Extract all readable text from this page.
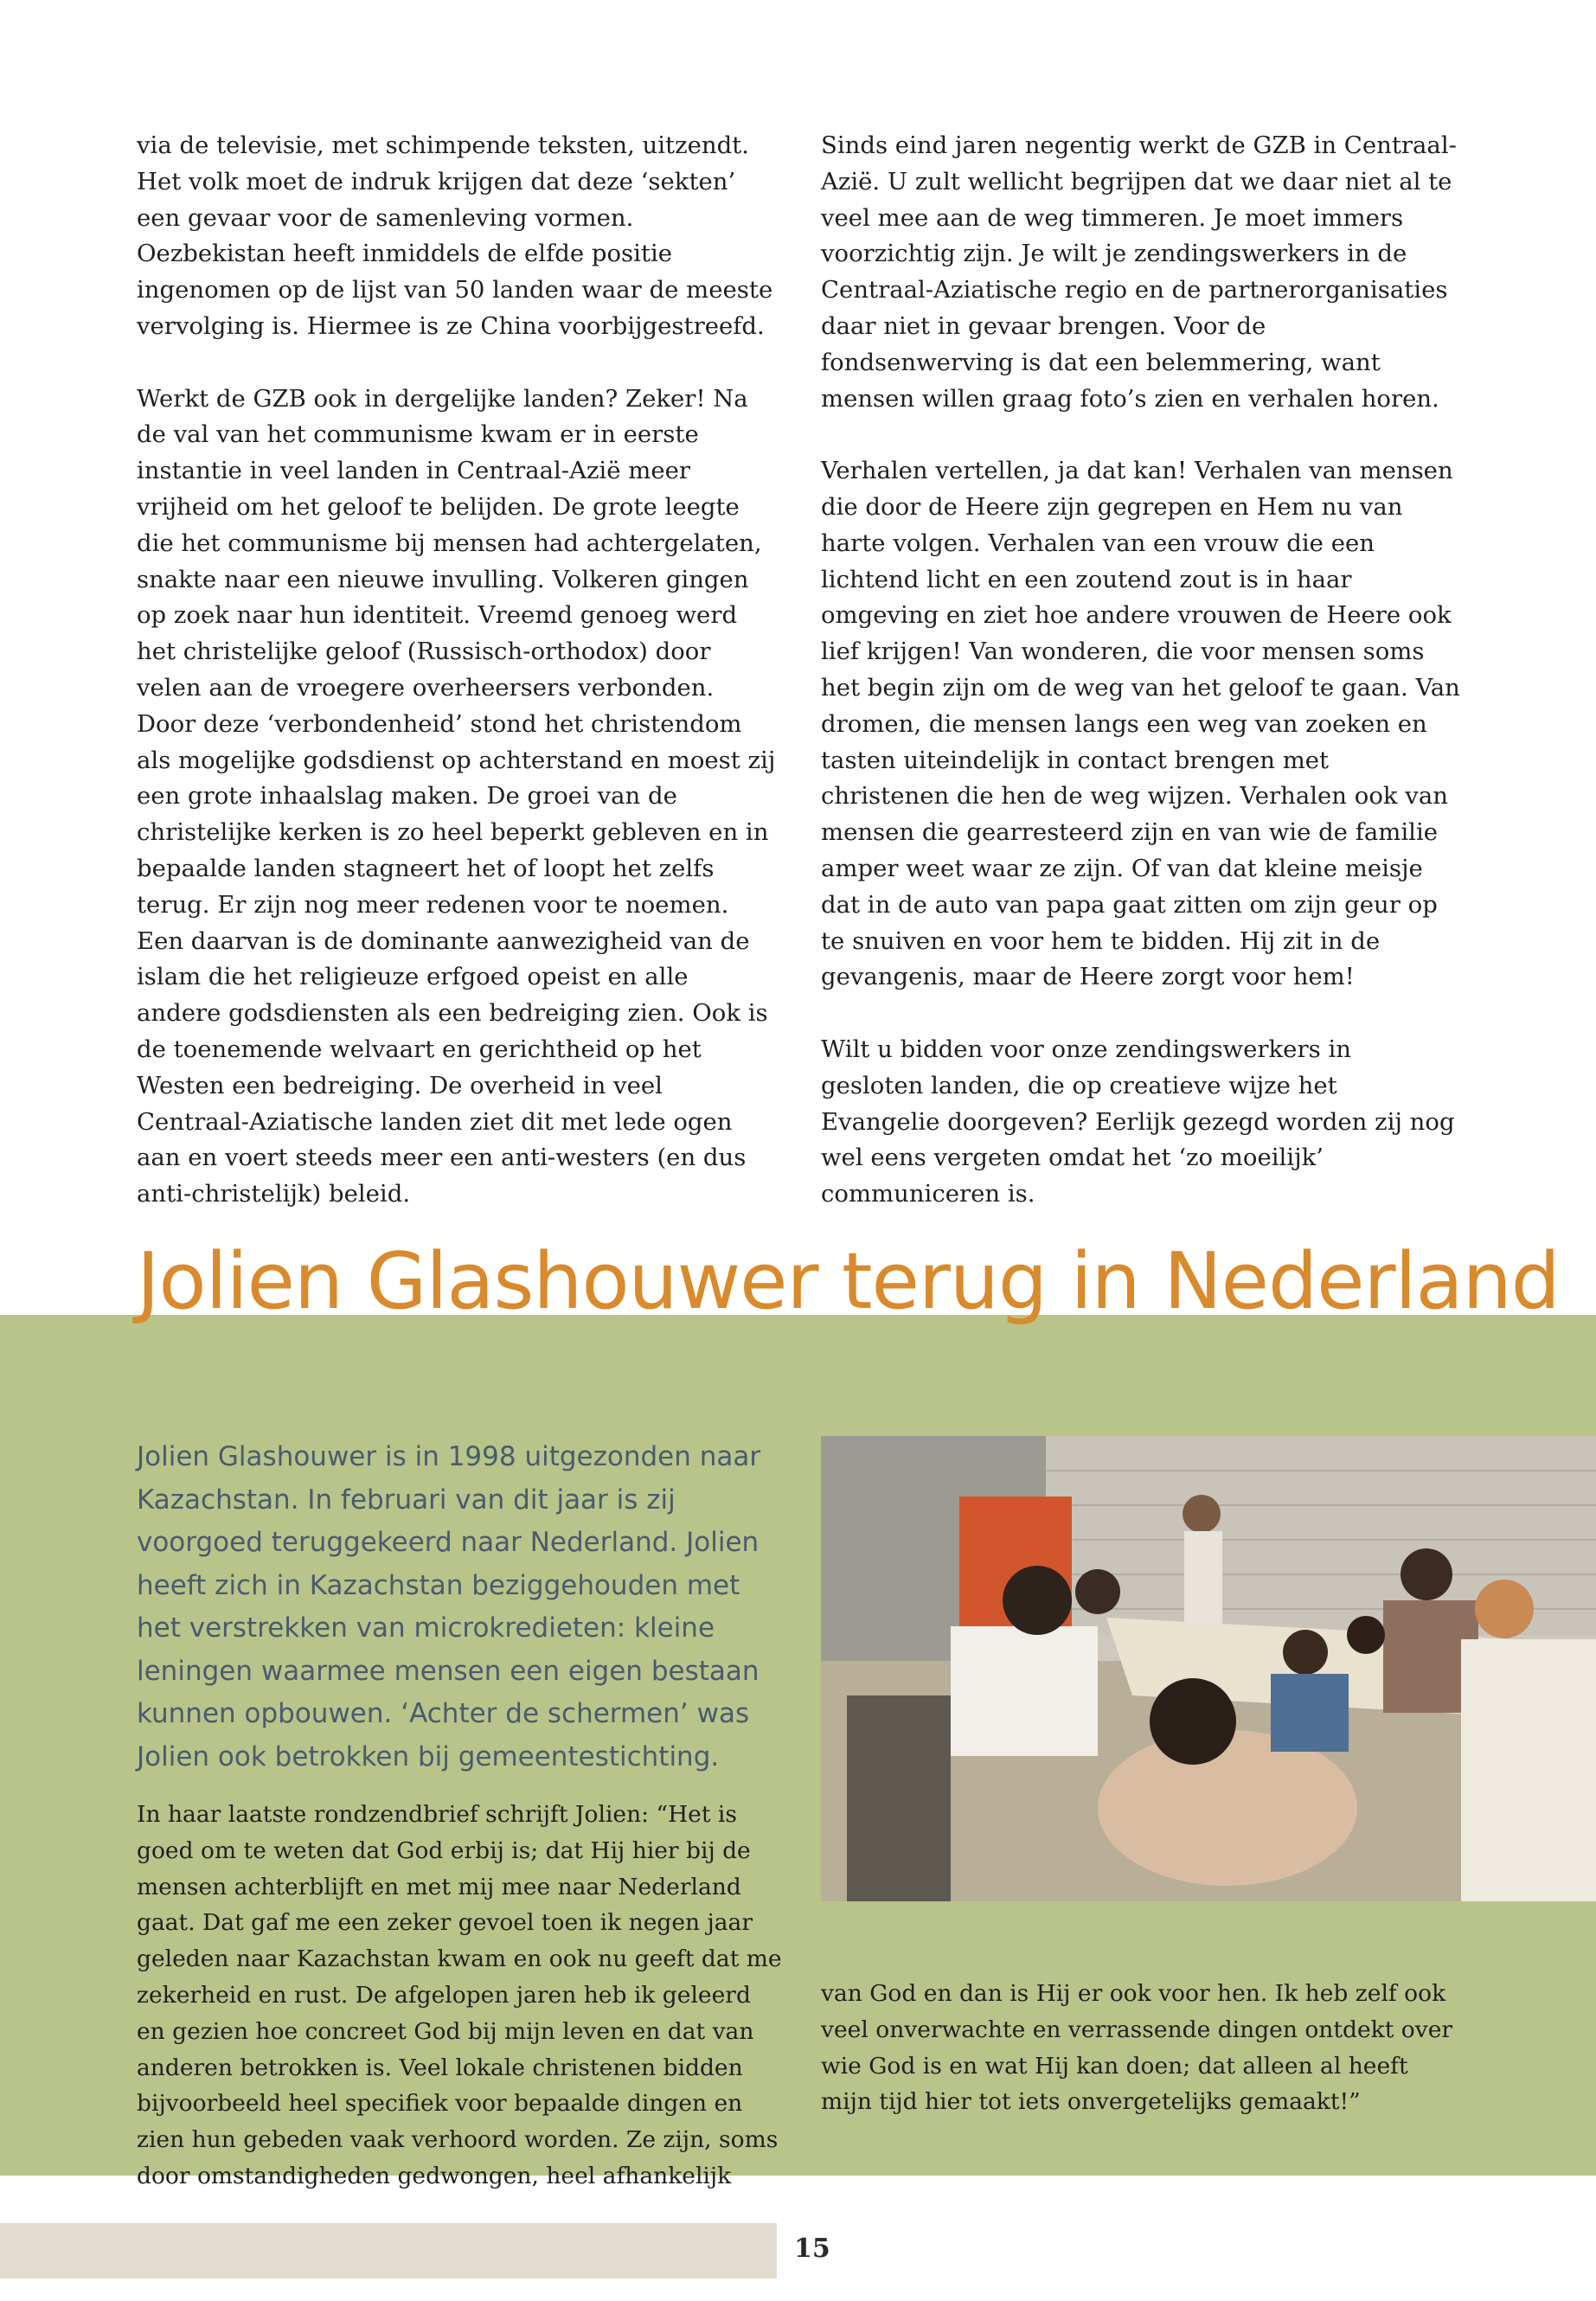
via de televisie, met schimpende teksten, uitzendt. Het volk moet de indruk krijgen dat deze ‘sekten’ een gevaar voor de samenleving vormen. Oezbekistan heeft inmiddels de elfde positie ingenomen op de lijst van 50 landen waar de meeste vervolging is. Hiermee is ze China voorbijgestreefd.

Werkt de GZB ook in dergelijke landen? Zeker! Na de val van het communisme kwam er in eerste instantie in veel landen in Centraal-Azië meer vrijheid om het geloof te belijden. De grote leegte die het communisme bij mensen had achtergelaten, snakte naar een nieuwe invulling. Volkeren gingen op zoek naar hun identiteit. Vreemd genoeg werd het christelijke geloof (Russisch-orthodox) door velen aan de vroegere overheersers verbonden. Door deze ‘verbondenheid’ stond het christendom als mogelijke godsdienst op achterstand en moest zij een grote inhaalslag maken. De groei van de christelijke kerken is zo heel beperkt gebleven en in bepaalde landen stagneert het of loopt het zelfs terug. Er zijn nog meer redenen voor te noemen. Een daarvan is de dominante aanwezigheid van de islam die het religieuze erfgoed opeist en alle andere godsdiensten als een bedreiging zien. Ook is de toenemende welvaart en gerichtheid op het Westen een bedreiging. De overheid in veel Centraal-Aziatische landen ziet dit met lede ogen aan en voert steeds meer een anti-westers (en dus anti-christelijk) beleid.

Sinds eind jaren negentig werkt de GZB in Centraal-Azië. U zult wellicht begrijpen dat we daar niet al te veel mee aan de weg timmeren. Je moet immers voorzichtig zijn. Je wilt je zendingswerkers in de Centraal-Aziatische regio en de partnerorganisaties daar niet in gevaar brengen. Voor de fondsenwerving is dat een belemmering, want mensen willen graag foto’s zien en verhalen horen.

Verhalen vertellen, ja dat kan! Verhalen van mensen die door de Heere zijn gegrepen en Hem nu van harte volgen. Verhalen van een vrouw die een lichtend licht en een zoutend zout is in haar omgeving en ziet hoe andere vrouwen de Heere ook lief krijgen! Van wonderen, die voor mensen soms het begin zijn om de weg van het geloof te gaan. Van dromen, die mensen langs een weg van zoeken en tasten uiteindelijk in contact brengen met christenen die hen de weg wijzen. Verhalen ook van mensen die gearresteerd zijn en van wie de familie amper weet waar ze zijn. Of van dat kleine meisje dat in de auto van papa gaat zitten om zijn geur op te snuiven en voor hem te bidden. Hij zit in de gevangenis, maar de Heere zorgt voor hem!

Wilt u bidden voor onze zendingswerkers in gesloten landen, die op creatieve wijze het Evangelie doorgeven? Eerlijk gezegd worden zij nog wel eens vergeten omdat het ‘zo moeilijk’ communiceren is.

Jolien Glashouwer terug in Nederland

Jolien Glashouwer is in 1998 uitgezonden naar Kazachstan. In februari van dit jaar is zij voorgoed teruggekeerd naar Nederland. Jolien heeft zich in Kazachstan beziggehouden met het verstrekken van microkredieten: kleine leningen waarmee mensen een eigen bestaan kunnen opbouwen. ‘Achter de schermen’ was Jolien ook betrokken bij gemeentestichting.

In haar laatste rondzendbrief schrijft Jolien: “Het is goed om te weten dat God erbij is; dat Hij hier bij de mensen achterblijft en met mij mee naar Nederland gaat. Dat gaf me een zeker gevoel toen ik negen jaar geleden naar Kazachstan kwam en ook nu geeft dat me zekerheid en rust. De afgelopen jaren heb ik geleerd en gezien hoe concreet God bij mijn leven en dat van anderen betrokken is. Veel lokale christenen bidden bijvoorbeeld heel specifiek voor bepaalde dingen en zien hun gebeden vaak verhoord worden. Ze zijn, soms door omstandigheden gedwongen, heel afhankelijk

van God en dan is Hij er ook voor hen. Ik heb zelf ook veel onverwachte en verrassende dingen ontdekt over wie God is en wat Hij kan doen; dat alleen al heeft mijn tijd hier tot iets onvergetelijks gemaakt!”

15
